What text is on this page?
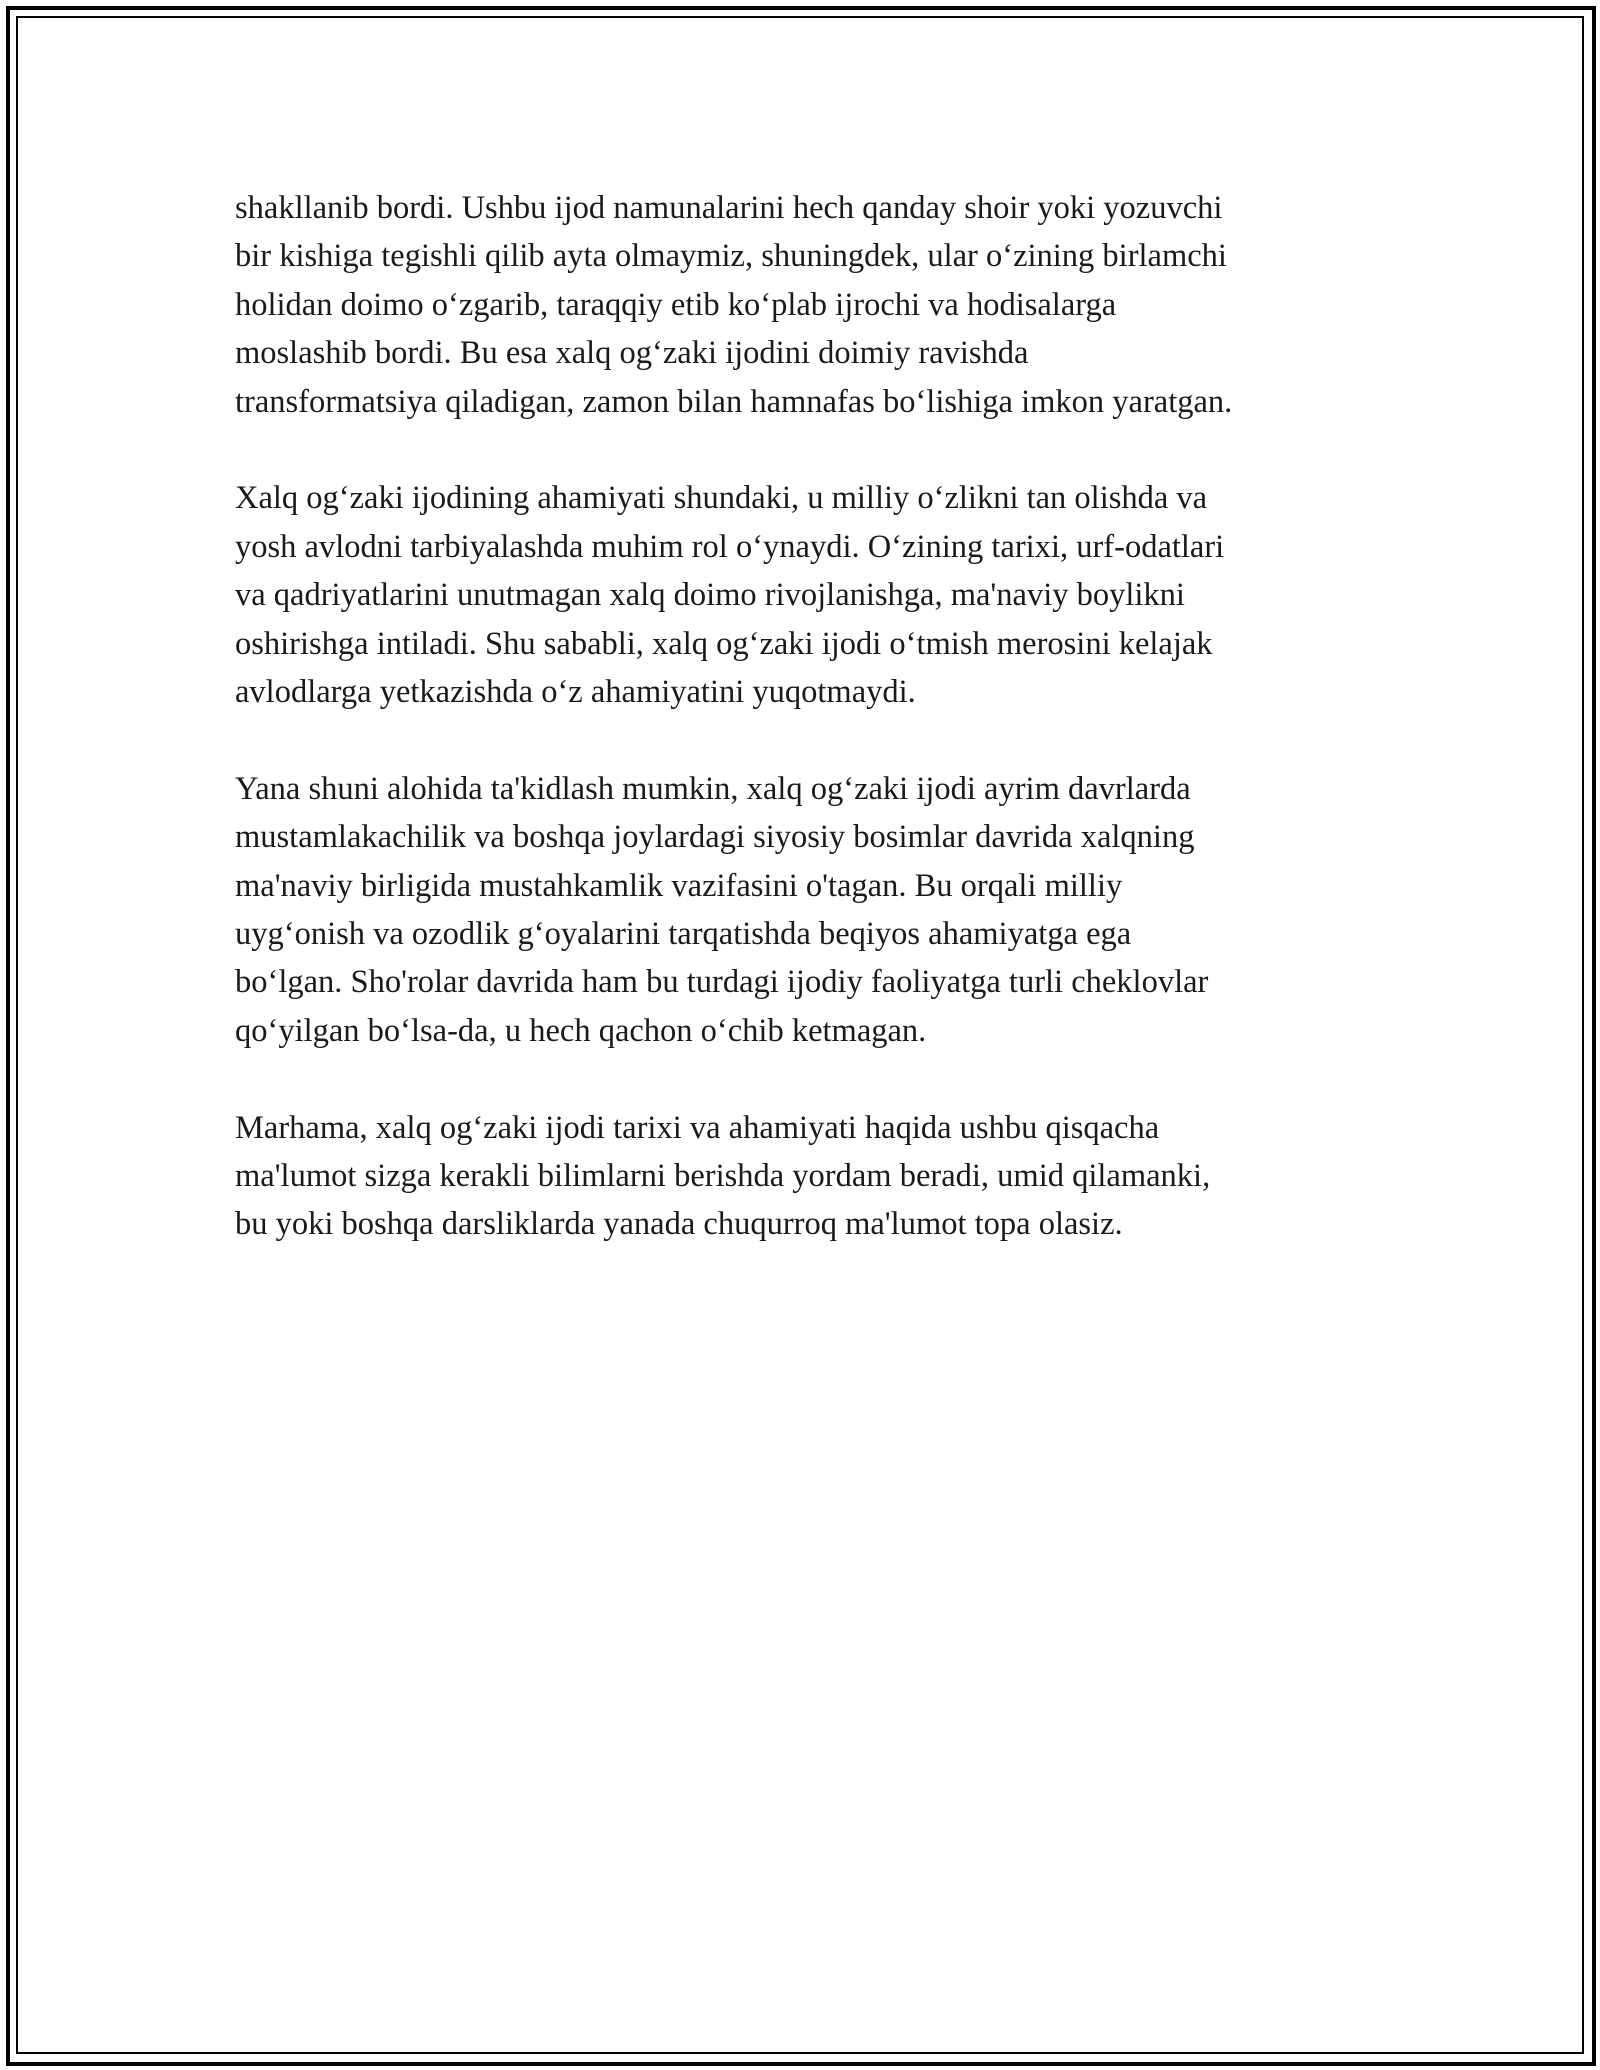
shakllanib bordi. Ushbu ijod namunalarini hech qanday shoir yoki yozuvchi
bir kishiga tegishli qilib ayta olmaymiz, shuningdek, ular o‘zining birlamchi
holidan doimo o‘zgarib, taraqqiy etib ko‘plab ijrochi va hodisalarga
moslashib bordi. Bu esa xalq og‘zaki ijodini doimiy ravishda
transformatsiya qiladigan, zamon bilan hamnafas bo‘lishiga imkon yaratgan.

Xalq og‘zaki ijodining ahamiyati shundaki, u milliy o‘zlikni tan olishda va
yosh avlodni tarbiyalashda muhim rol o‘ynaydi. O‘zining tarixi, urf-odatlari
va qadriyatlarini unutmagan xalq doimo rivojlanishga, ma'naviy boylikni
oshirishga intiladi. Shu sababli, xalq og‘zaki ijodi o‘tmish merosini kelajak
avlodlarga yetkazishda o‘z ahamiyatini yuqotmaydi.

Yana shuni alohida ta'kidlash mumkin, xalq og‘zaki ijodi ayrim davrlarda
mustamlakachilik va boshqa joylardagi siyosiy bosimlar davrida xalqning
ma'naviy birligida mustahkamlik vazifasini o'tagan. Bu orqali milliy
uyg‘onish va ozodlik g‘oyalarini tarqatishda beqiyos ahamiyatga ega
bo‘lgan. Sho'rolar davrida ham bu turdagi ijodiy faoliyatga turli cheklovlar
qo‘yilgan bo‘lsa-da, u hech qachon o‘chib ketmagan.

Marhama, xalq og‘zaki ijodi tarixi va ahamiyati haqida ushbu qisqacha
ma'lumot sizga kerakli bilimlarni berishda yordam beradi, umid qilamanki,
bu yoki boshqa darsliklarda yanada chuqurroq ma'lumot topa olasiz.
